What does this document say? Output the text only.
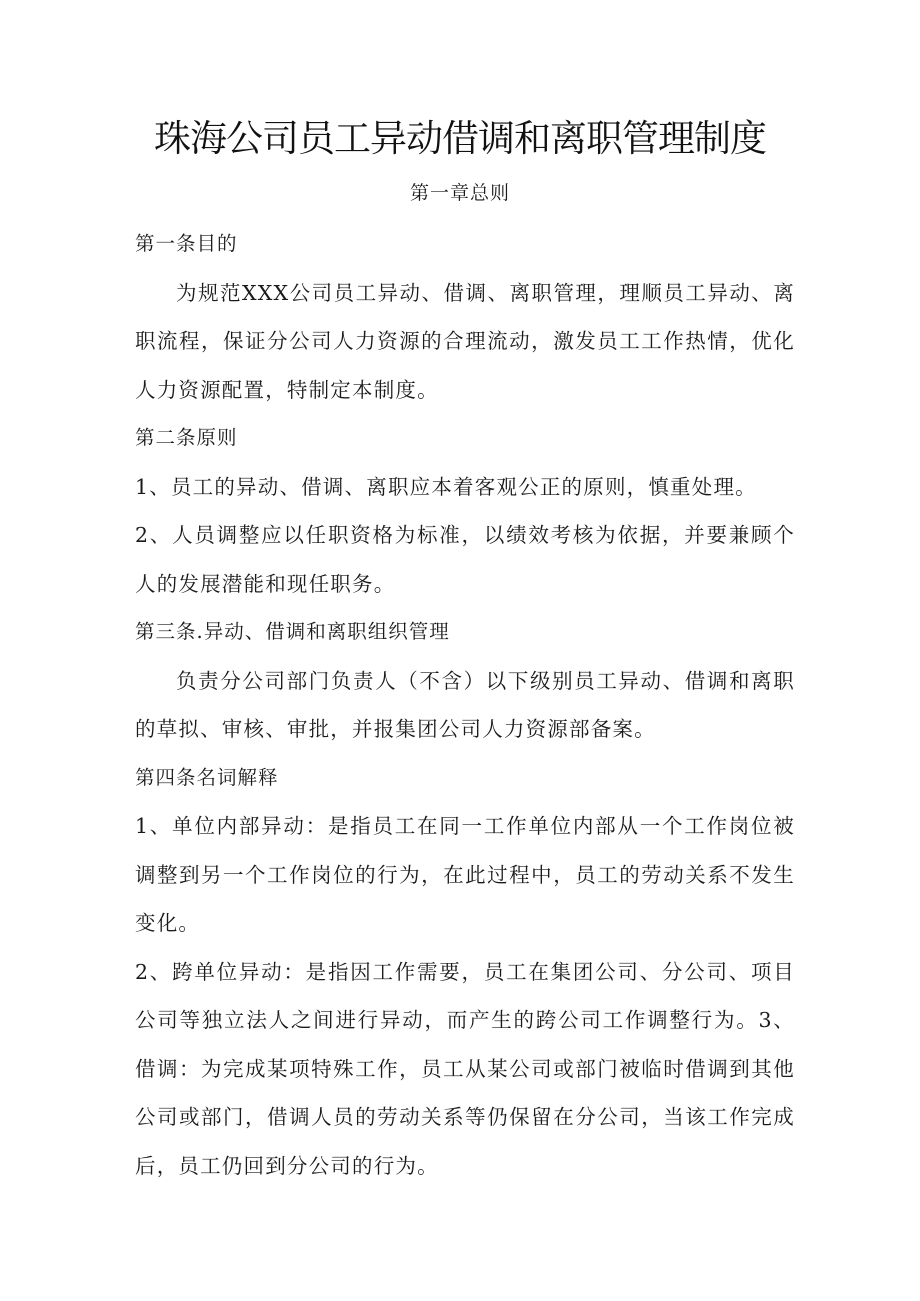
珠海公司员工异动借调和离职管理制度
第一章总则

第一条目的

为规范XXX公司员工异动、借调、离职管理，理顺员工异动、离职流程，保证分公司人力资源的合理流动，激发员工工作热情，优化人力资源配置，特制定本制度。

第二条原则

1、员工的异动、借调、离职应本着客观公正的原则，慎重处理。

2、人员调整应以任职资格为标准，以绩效考核为依据，并要兼顾个人的发展潜能和现任职务。

第三条.异动、借调和离职组织管理

负责分公司部门负责人（不含）以下级别员工异动、借调和离职的草拟、审核、审批，并报集团公司人力资源部备案。

第四条名词解释

1、单位内部异动：是指员工在同一工作单位内部从一个工作岗位被调整到另一个工作岗位的行为，在此过程中，员工的劳动关系不发生变化。

2、跨单位异动：是指因工作需要，员工在集团公司、分公司、项目公司等独立法人之间进行异动，而产生的跨公司工作调整行为。3、借调：为完成某项特殊工作，员工从某公司或部门被临时借调到其他公司或部门，借调人员的劳动关系等仍保留在分公司，当该工作完成后，员工仍回到分公司的行为。
